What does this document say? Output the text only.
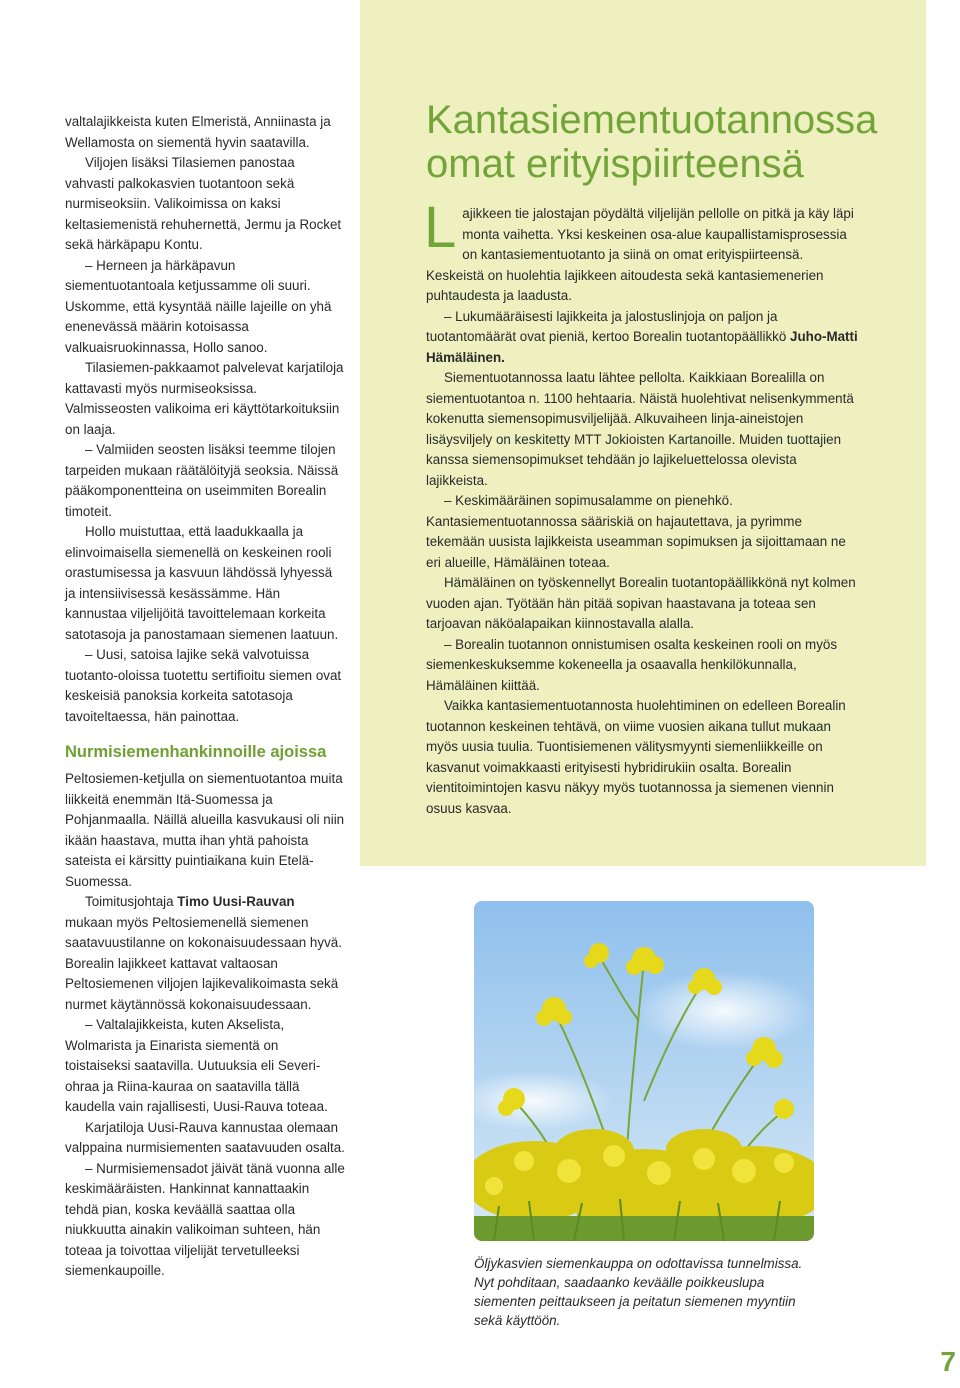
valtalajikkeista kuten Elmeristä, Anniinasta ja Wellamosta on siementä hyvin saatavilla.

Viljojen lisäksi Tilasiemen panostaa vahvasti palkokasvien tuotantoon sekä nurmiseoksiin. Valikoimissa on kaksi keltasiemenistä rehuhernettä, Jermu ja Rocket sekä härkäpapu Kontu.

– Herneen ja härkäpavun siementuotantoala ketjussamme oli suuri. Uskomme, että kysyntää näille lajeille on yhä enenevässä määrin kotoisassa valkuaisruokinnassa, Hollo sanoo.

Tilasiemen-pakkaamot palvelevat karjatiloja kattavasti myös nurmiseoksissa. Valmisseosten valikoima eri käyttötarkoituksiin on laaja.

– Valmiiden seosten lisäksi teemme tilojen tarpeiden mukaan räätälöityjä seoksia. Näissä pääkomponentteina on useimmiten Borealin timoteit.

Hollo muistuttaa, että laadukkaalla ja elinvoimaisella siemenellä on keskeinen rooli orastumisessa ja kasvuun lähdössä lyhyessä ja intensiivisessä kesässämme. Hän kannustaa viljelijöitä tavoittelemaan korkeita satotasoja ja panostamaan siemenen laatuun.

– Uusi, satoisa lajike sekä valvotuissa tuotanto-oloissa tuotettu sertifioitu siemen ovat keskeisiä panoksia korkeita satotasoja tavoiteltaessa, hän painottaa.

Nurmisiemenhankinnoille ajoissa

Peltosiemen-ketjulla on siementuotantoa muita liikkeitä enemmän Itä-Suomessa ja Pohjanmaalla. Näillä alueilla kasvukausi oli niin ikään haastava, mutta ihan yhtä pahoista sateista ei kärsitty puintiaikana kuin Etelä-Suomessa.

Toimitusjohtaja Timo Uusi-Rauvan mukaan myös Peltosiemenellä siemenen saatavuustilanne on kokonaisuudessaan hyvä. Borealin lajikkeet kattavat valtaosan Peltosiemenen viljojen lajikevalikoimasta sekä nurmet käytännössä kokonaisuudessaan.

– Valtalajikkeista, kuten Akselista, Wolmarista ja Einarista siementä on toistaiseksi saatavilla. Uutuuksia eli Severi-ohraa ja Riina-kauraa on saatavilla tällä kaudella vain rajallisesti, Uusi-Rauva toteaa.

Karjatiloja Uusi-Rauva kannustaa olemaan valppaina nurmisiementen saatavuuden osalta.

– Nurmisiemensadot jäivät tänä vuonna alle keskimääräisten. Hankinnat kannattaakin tehdä pian, koska keväällä saattaa olla niukkuutta ainakin valikoiman suhteen, hän toteaa ja toivottaa viljelijät tervetulleeksi siemenkaupoille.

Kantasiementuotannossa omat erityispiirteensä

Lajikkeen tie jalostajan pöydältä viljelijän pellolle on pitkä ja käy läpi monta vaihetta. Yksi keskeinen osa-alue kaupallistamisprosessia on kantasiementuotanto ja siinä on omat erityispiirteensä. Keskeistä on huolehtia lajikkeen aitoudesta sekä kantasiemenerien puhtaudesta ja laadusta.

– Lukumääräisesti lajikkeita ja jalostuslinjoja on paljon ja tuotantomäärät ovat pieniä, kertoo Borealin tuotantopäällikkö Juho-Matti Hämäläinen.

Siementuotannossa laatu lähtee pellolta. Kaikkiaan Borealilla on siementuotantoa n. 1100 hehtaaria. Näistä huolehtivat nelisenkymmentä kokenutta siemensopimusviljelijää. Alkuvaiheen linja-aineistojen lisäysviljely on keskitetty MTT Jokioisten Kartanoille. Muiden tuottajien kanssa siemensopimukset tehdään jo lajikeluettelossa olevista lajikkeista.

– Keskimääräinen sopimusalamme on pienehkö. Kantasiementuotannossa sääriskiä on hajautettava, ja pyrimme tekemään uusista lajikkeista useamman sopimuksen ja sijoittamaan ne eri alueille, Hämäläinen toteaa.

Hämäläinen on työskennellyt Borealin tuotantopäällikkönä nyt kolmen vuoden ajan. Työtään hän pitää sopivan haastavana ja toteaa sen tarjoavan näköalapaikan kiinnostavalla alalla.

– Borealin tuotannon onnistumisen osalta keskeinen rooli on myös siemenkeskuksemme kokeneella ja osaavalla henkilökunnalla, Hämäläinen kiittää.

Vaikka kantasiementuotannosta huolehtiminen on edelleen Borealin tuotannon keskeinen tehtävä, on viime vuosien aikana tullut mukaan myös uusia tuulia. Tuontisiemenen välitysmyynti siemenliikkeille on kasvanut voimakkaasti erityisesti hybridirukiin osalta. Borealin vientitoimintojen kasvu näkyy myös tuotannossa ja siemenen viennin osuus kasvaa.

Öljykasvien siemenkauppa on odottavissa tunnelmissa. Nyt pohditaan, saadaanko keväälle poikkeuslupa siementen peittaukseen ja peitatun siemenen myyntiin sekä käyttöön.
7
